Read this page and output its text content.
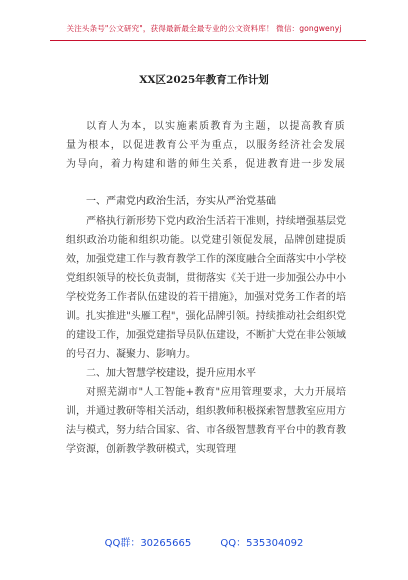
关注头条号"公文研究"，获得最新最全最专业的公文资料库！ 微信：gongwenyj
XX区2025年教育工作计划

以育人为本，以实施素质教育为主题，以提高教育质量为根本，以促进教育公平为重点，以服务经济社会发展为导向，着力构建和谐的师生关系，促进教育进一步发展

一、严肃党内政治生活，夯实从严治党基础

严格执行新形势下党内政治生活若干准则，持续增强基层党组织政治功能和组织功能。以党建引领促发展，品牌创建提质效，加强党建工作与教育教学工作的深度融合全面落实中小学校党组织领导的校长负责制，贯彻落实《关于进一步加强公办中小学校党务工作者队伍建设的若干措施》，加强对党务工作者的培训。扎实推进"头雁工程"，强化品牌引领。持续推动社会组织党的建设工作，加强党建指导员队伍建设，不断扩大党在非公领域的号召力、凝聚力、影响力。

二、加大智慧学校建设，提升应用水平

对照芜湖市"人工智能+教育"应用管理要求，大力开展培训，并通过教研等相关活动，组织教师积极探索智慧教室应用方法与模式，努力结合国家、省、市各级智慧教育平台中的教育教学资源，创新教学教研模式，实现管理

QQ群：30265665	QQ：535304092
